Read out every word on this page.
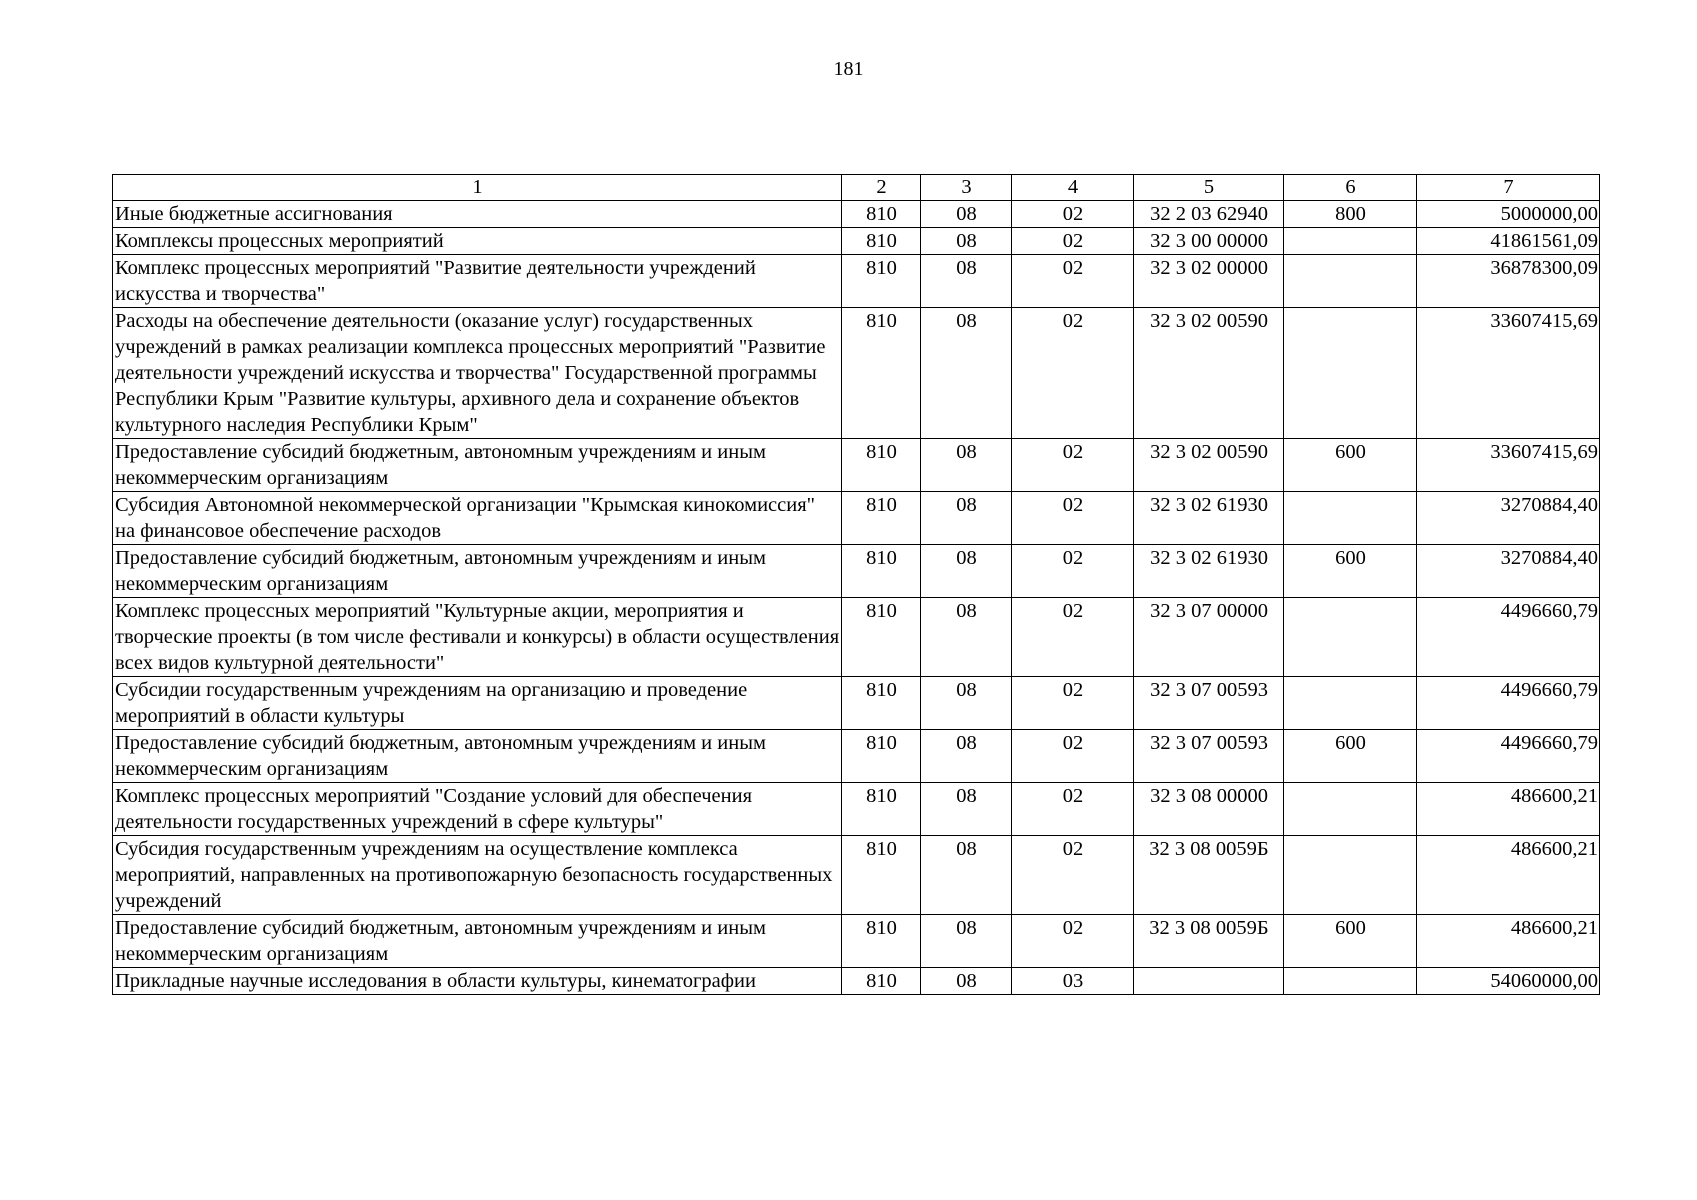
181
1	2	3	4	5	6	7
Иные бюджетные ассигнования	810	08	02	32 2 03 62940	800	5000000,00
Комплексы процессных мероприятий	810	08	02	32 3 00 00000		41861561,09
Комплекс процессных мероприятий "Развитие деятельности учреждений искусства и творчества"	810	08	02	32 3 02 00000		36878300,09
Расходы на обеспечение деятельности (оказание услуг) государственных учреждений в рамках реализации комплекса процессных мероприятий "Развитие деятельности учреждений искусства и творчества" Государственной программы Республики Крым "Развитие культуры, архивного дела и сохранение объектов культурного наследия Республики Крым"	810	08	02	32 3 02 00590		33607415,69
Предоставление субсидий бюджетным, автономным учреждениям и иным некоммерческим организациям	810	08	02	32 3 02 00590	600	33607415,69
Субсидия Автономной некоммерческой организации "Крымская кинокомиссия" на финансовое обеспечение расходов	810	08	02	32 3 02 61930		3270884,40
Предоставление субсидий бюджетным, автономным учреждениям и иным некоммерческим организациям	810	08	02	32 3 02 61930	600	3270884,40
Комплекс процессных мероприятий "Культурные акции, мероприятия и творческие проекты (в том числе фестивали и конкурсы) в области осуществления всех видов культурной деятельности"	810	08	02	32 3 07 00000		4496660,79
Субсидии государственным учреждениям на организацию и проведение мероприятий в области культуры	810	08	02	32 3 07 00593		4496660,79
Предоставление субсидий бюджетным, автономным учреждениям и иным некоммерческим организациям	810	08	02	32 3 07 00593	600	4496660,79
Комплекс процессных мероприятий "Создание условий для обеспечения деятельности государственных учреждений в сфере культуры"	810	08	02	32 3 08 00000		486600,21
Субсидия государственным учреждениям на осуществление комплекса мероприятий, направленных на противопожарную безопасность государственных учреждений	810	08	02	32 3 08 0059Б		486600,21
Предоставление субсидий бюджетным, автономным учреждениям и иным некоммерческим организациям	810	08	02	32 3 08 0059Б	600	486600,21
Прикладные научные исследования в области культуры, кинематографии	810	08	03			54060000,00
